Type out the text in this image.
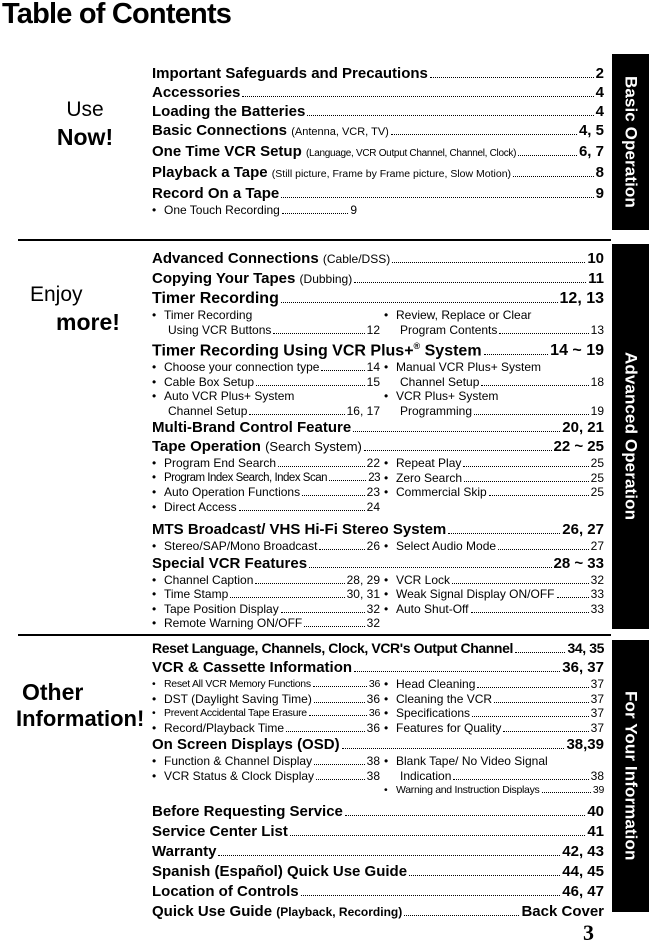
Table of Contents
Basic Operation
Use
Now!
Important Safeguards and Precautions	2
Accessories	4
Loading the Batteries	4
Basic Connections (Antenna, VCR, TV)	4, 5
One Time VCR Setup (Language, VCR Output Channel, Channel, Clock)	6, 7
Playback a Tape (Still picture, Frame by Frame picture, Slow Motion)	8
Record On a Tape	9
• One Touch Recording	9
Advanced Operation
Enjoy
more!
Advanced Connections (Cable/DSS)	10
Copying Your Tapes (Dubbing)	11
Timer Recording	12, 13
• Timer Recording
Using VCR Buttons	12
• Review, Replace or Clear
Program Contents	13
Timer Recording Using VCR Plus+® System	14 ~ 19
• Choose your connection type	14
• Cable Box Setup	15
• Auto VCR Plus+ System
Channel Setup	16, 17
• Manual VCR Plus+ System
Channel Setup	18
• VCR Plus+ System
Programming	19
Multi-Brand Control Feature	20, 21
Tape Operation (Search System)	22 ~ 25
• Program End Search	22
• Program Index Search, Index Scan	23
• Auto Operation Functions	23
• Direct Access	24
• Repeat Play	25
• Zero Search	25
• Commercial Skip	25
MTS Broadcast/ VHS Hi-Fi Stereo System	26, 27
• Stereo/SAP/Mono Broadcast	26 • Select Audio Mode	27
Special VCR Features	28 ~ 33
• Channel Caption	28, 29
• Time Stamp	30, 31
• Tape Position Display	32
• Remote Warning ON/OFF	32
• VCR Lock	32
• Weak Signal Display ON/OFF	33
• Auto Shut-Off	33
For Your Information
Other
Information!
Reset Language, Channels, Clock, VCR's Output Channel	34, 35
VCR & Cassette Information	36, 37
• Reset All VCR Memory Functions	36
• DST (Daylight Saving Time)	36
• Prevent Accidental Tape Erasure	36
• Record/Playback Time	36
• Head Cleaning	37
• Cleaning the VCR	37
• Specifications	37
• Features for Quality	37
On Screen Displays (OSD)	38,39
• Function & Channel Display	38
• VCR Status & Clock Display	38
• Blank Tape/ No Video Signal
Indication	38
• Warning and Instruction Displays	39
Before Requesting Service	40
Service Center List	41
Warranty	42, 43
Spanish (Español) Quick Use Guide	44, 45
Location of Controls	46, 47
Quick Use Guide (Playback, Recording)	Back Cover
3
